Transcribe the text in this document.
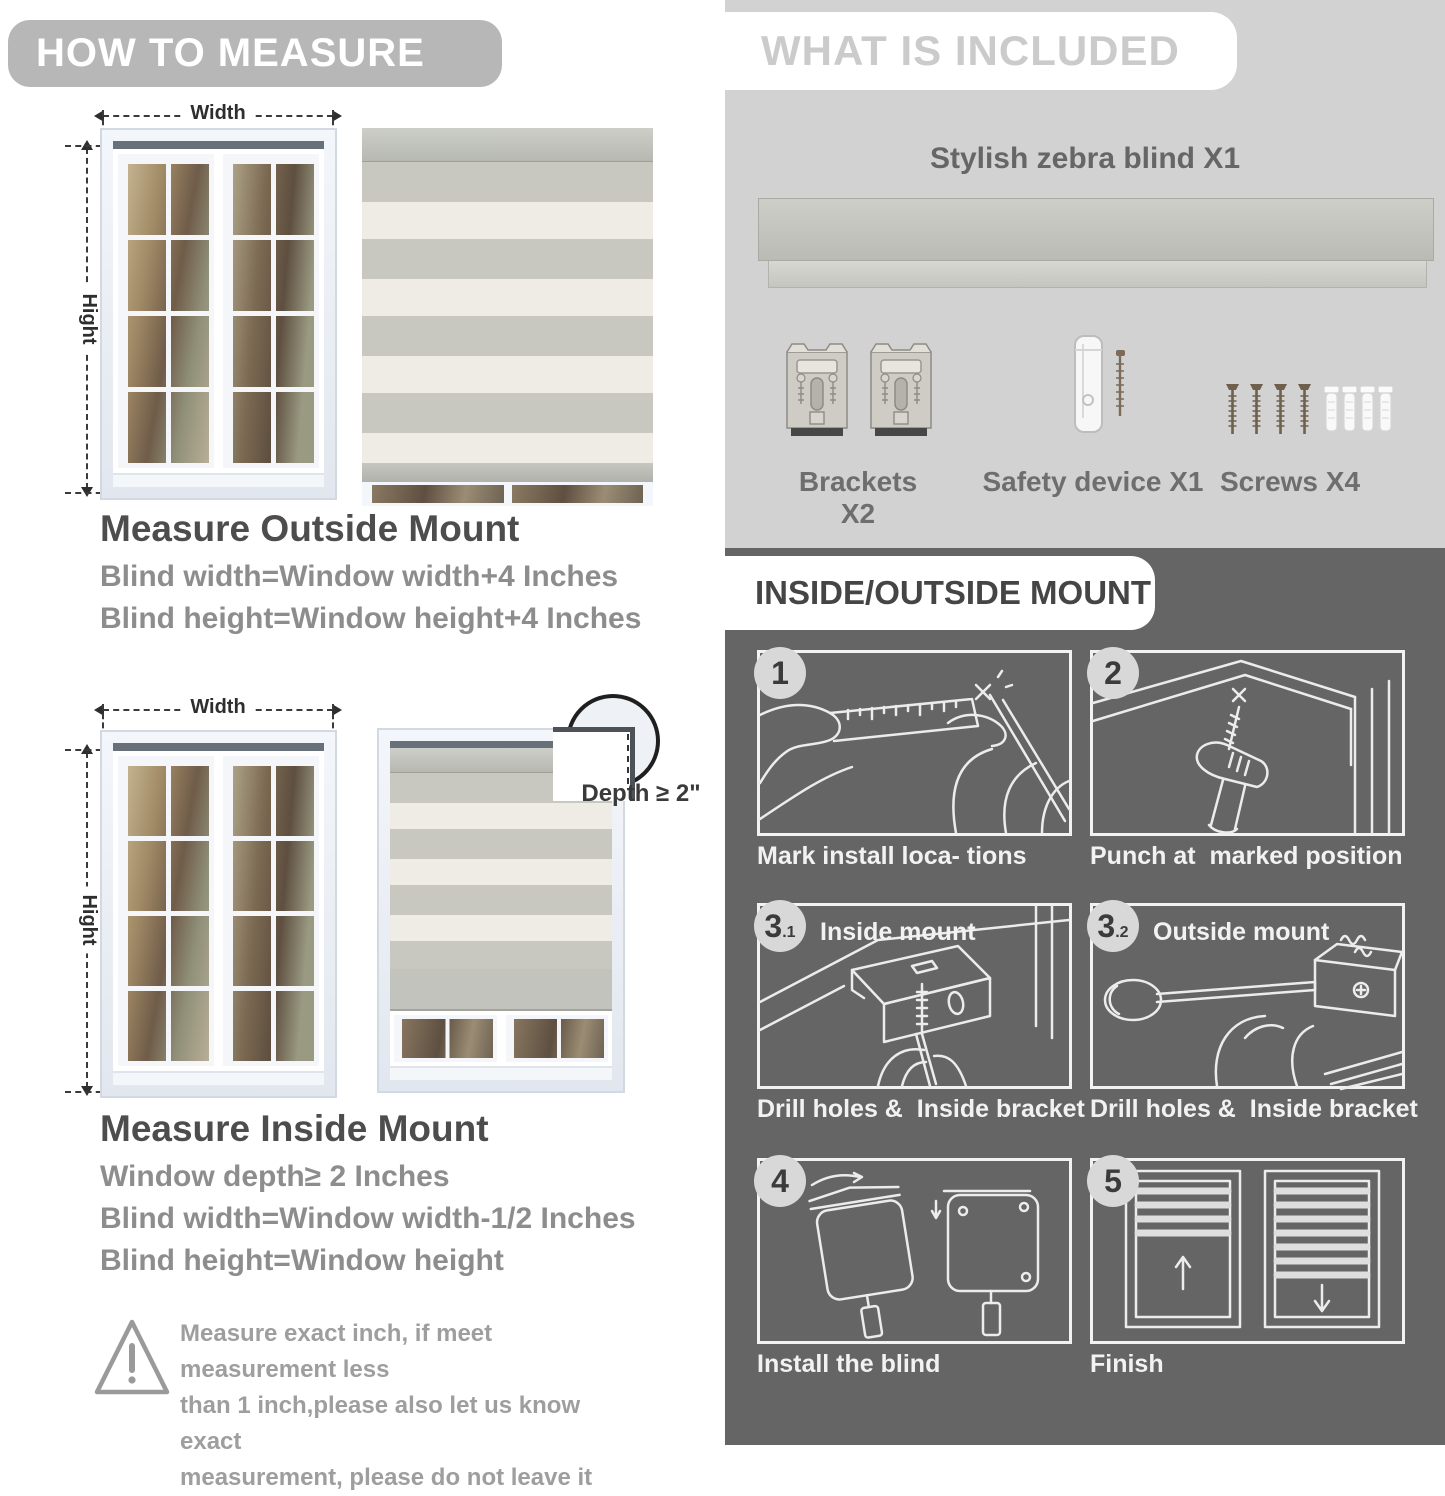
HOW TO MEASURE
Width
Hight
Measure Outside Mount
Blind width=Window width+4 Inches
Blind height=Window height+4 Inches
Width
Hight
Depth ≥ 2"
Measure Inside Mount
Window depth≥ 2 Inches
Blind width=Window width-1/2 Inches
Blind height=Window height
Measure exact inch, if meet measurement less
than 1 inch,please also let us know exact
measurement, please do not leave it
WHAT IS INCLUDED
Stylish zebra blind X1
Brackets X2
Safety device X1 Screws X4
INSIDE/OUTSIDE MOUNT
1
Mark install loca- tions
2
Punch at  marked position
3 .1 Inside mount
Drill holes &  Inside bracket
3 .2 Outside mount
Drill holes &  Inside bracket
4
Install the blind
5
Finish
